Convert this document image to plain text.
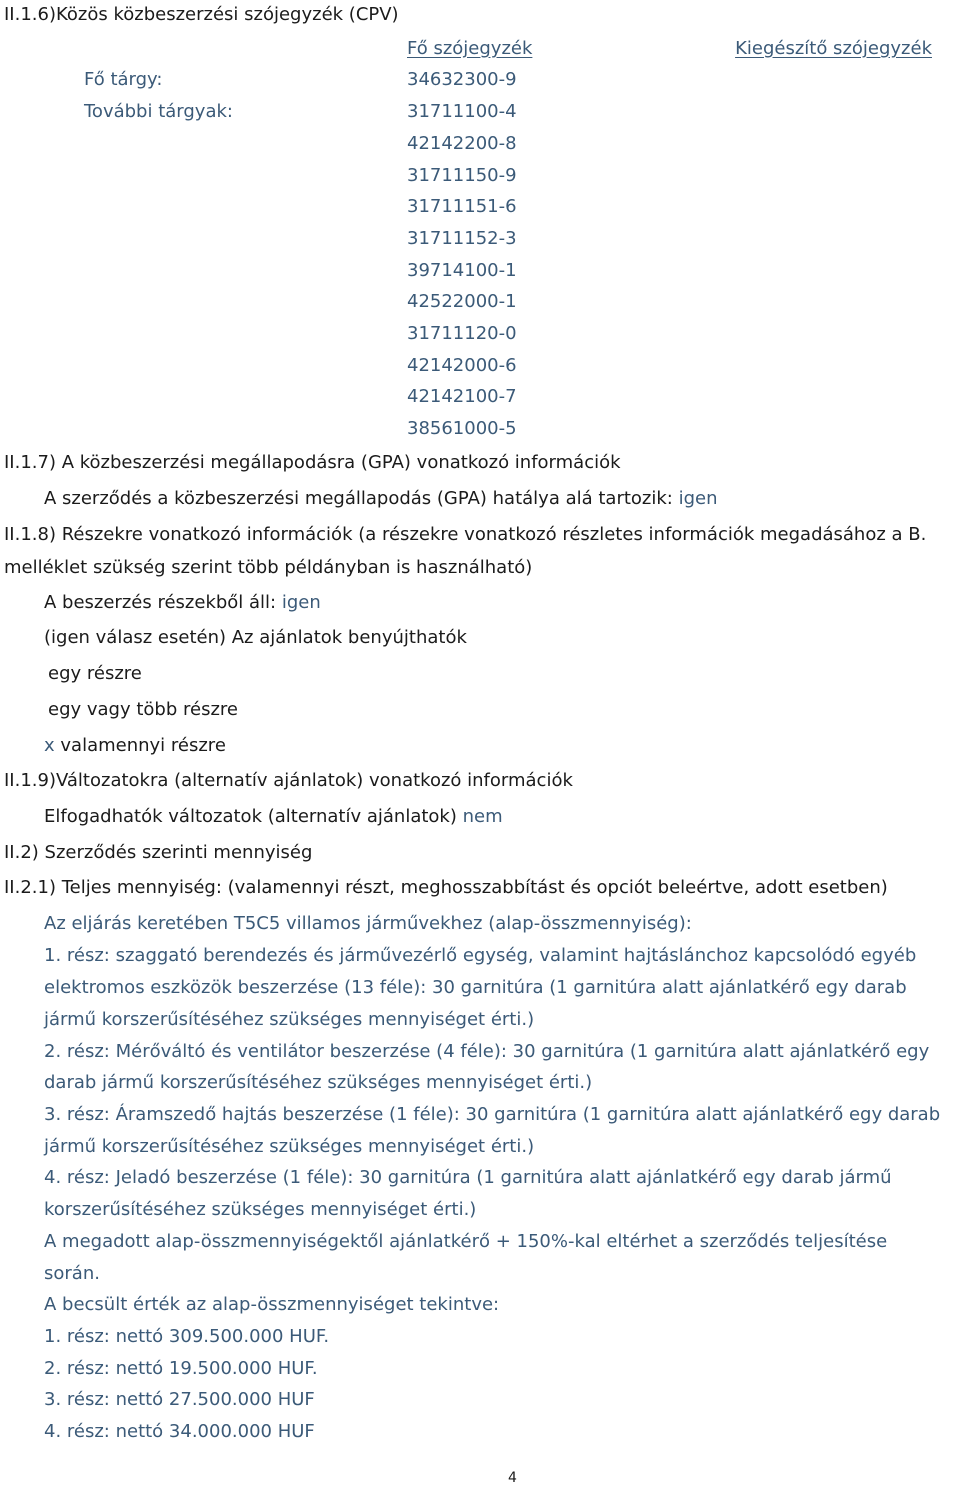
II.1.6)Közös közbeszerzési szójegyzék (CPV)
Fő szójegyzék	Kiegészítő szójegyzék
Fő tárgy:	34632300-9
További tárgyak:	31711100-4
42142200-8
31711150-9
31711151-6
31711152-3
39714100-1
42522000-1
31711120-0
42142000-6
42142100-7
38561000-5
II.1.7) A közbeszerzési megállapodásra (GPA) vonatkozó információk
A szerződés a közbeszerzési megállapodás (GPA) hatálya alá tartozik: igen
II.1.8) Részekre vonatkozó információk (a részekre vonatkozó részletes információk megadásához a B.
melléklet szükség szerint több példányban is használható)
A beszerzés részekből áll: igen
(igen válasz esetén) Az ajánlatok benyújthatók
egy részre
egy vagy több részre
x valamennyi részre
II.1.9)Változatokra (alternatív ajánlatok) vonatkozó információk
Elfogadhatók változatok (alternatív ajánlatok) nem
II.2) Szerződés szerinti mennyiség
II.2.1) Teljes mennyiség: (valamennyi részt, meghosszabbítást és opciót beleértve, adott esetben)
Az eljárás keretében T5C5 villamos járművekhez (alap-összmennyiség):
1. rész: szaggató berendezés és járművezérlő egység, valamint hajtáslánchoz kapcsolódó egyéb
elektromos eszközök beszerzése (13 féle): 30 garnitúra (1 garnitúra alatt ajánlatkérő egy darab
jármű korszerűsítéséhez szükséges mennyiséget érti.)
2. rész: Mérőváltó és ventilátor beszerzése (4 féle): 30 garnitúra (1 garnitúra alatt ajánlatkérő egy
darab jármű korszerűsítéséhez szükséges mennyiséget érti.)
3. rész: Áramszedő hajtás beszerzése (1 féle): 30 garnitúra (1 garnitúra alatt ajánlatkérő egy darab
jármű korszerűsítéséhez szükséges mennyiséget érti.)
4. rész: Jeladó beszerzése (1 féle): 30 garnitúra (1 garnitúra alatt ajánlatkérő egy darab jármű
korszerűsítéséhez szükséges mennyiséget érti.)
A megadott alap-összmennyiségektől ajánlatkérő + 150%-kal eltérhet a szerződés teljesítése
során.
A becsült érték az alap-összmennyiséget tekintve:
1. rész: nettó 309.500.000 HUF.
2. rész: nettó 19.500.000 HUF.
3. rész: nettó 27.500.000 HUF
4. rész: nettó 34.000.000 HUF
4
